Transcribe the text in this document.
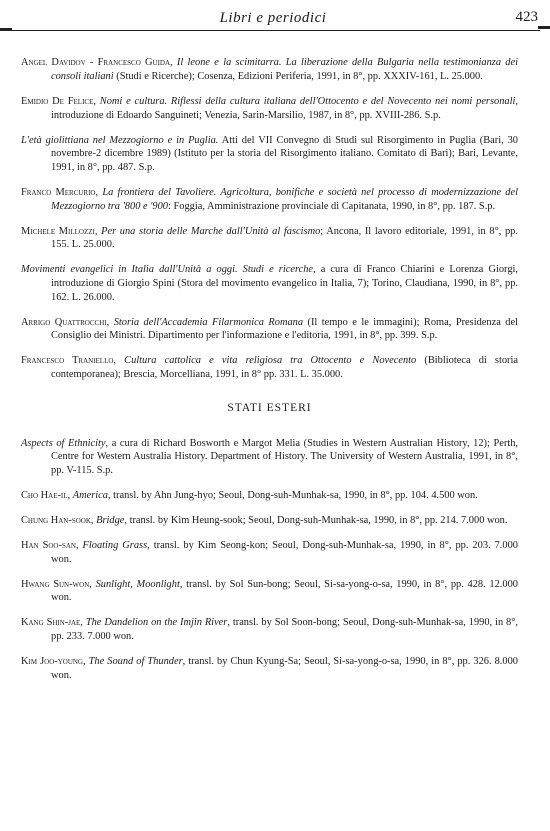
Libri e periodici	423

Angel Davidov - Francesco Guida, Il leone e la scimitarra. La liberazione della Bulgaria nella testimonianza dei consoli italiani (Studi e Ricerche); Cosenza, Edizioni Periferia, 1991, in 8°, pp. XXXIV-161, L. 25.000.

Emidio De Felice, Nomi e cultura. Riflessi della cultura italiana dell'Ottocento e del Novecento nei nomi personali, introduzione di Edoardo Sanguineti; Venezia, Sarin-Marsilio, 1987, in 8°, pp. XVIII-286. S.p.

L'età giolittiana nel Mezzogiorno e in Puglia. Atti del VII Convegno di Studi sul Risorgimento in Puglia (Bari, 30 novembre-2 dicembre 1989) (Istituto per la storia del Risorgimento italiano. Comitato di Bari); Bari, Levante, 1991, in 8°, pp. 487. S.p.

Franco Mercurio, La frontiera del Tavoliere. Agricoltura, bonifiche e società nel processo di modernizzazione del Mezzogiorno tra '800 e '900: Foggia, Amministrazione provinciale di Capitanata, 1990, in 8°, pp. 187. S.p.

Michele Millozzi, Per una storia delle Marche dall'Unità al fascismo; Ancona, Il lavoro editoriale, 1991, in 8°, pp. 155. L. 25.000.

Movimenti evangelici in Italia dall'Unità a oggi. Studi e ricerche, a cura di Franco Chiarini e Lorenza Giorgi, introduzione di Giorgio Spini (Stora del movimento evangelico in Italia, 7); Torino, Claudiana, 1990, in 8°, pp. 162. L. 26.000.

Arrigo Quattrocchi, Storia dell'Accademia Filarmonica Romana (Il tempo e le immagini); Roma, Presidenza del Consiglio dei Ministri. Dipartimento per l'informazione e l'editoria, 1991, in 8°, pp. 399. S.p.

Francesco Traniello, Cultura cattolica e vita religiosa tra Ottocento e Novecento (Biblioteca di storia contemporanea); Brescia, Morcelliana, 1991, in 8° pp. 331. L. 35.000.

STATI ESTERI

Aspects of Ethnicity, a cura di Richard Bosworth e Margot Melia (Studies in Western Australian History, 12); Perth, Centre for Western Australia History. Department of History. The University of Western Australia, 1991, in 8°, pp. V-115. S.p.

Cho Hae-il, America, transl. by Ahn Jung-hyo; Seoul, Dong-suh-Munhak-sa, 1990, in 8°, pp. 104. 4.500 won.

Chung Han-sook, Bridge, transl. by Kim Heung-sook; Seoul, Dong-suh-Munhak-sa, 1990, in 8°, pp. 214. 7.000 won.

Han Soo-san, Floating Grass, transl. by Kim Seong-kon; Seoul, Dong-suh-Munhak-sa, 1990, in 8°, pp. 203. 7.000 won.

Hwang Sun-won, Sunlight, Moonlight, transl. by Sol Sun-bong; Seoul, Si-sa-yong-o-sa, 1990, in 8°, pp. 428. 12.000 won.

Kang Shin-jae, The Dandelion on the Imjin River, transl. by Sol Soon-bong; Seoul, Dong-suh-Munhak-sa, 1990, in 8°, pp. 233. 7.000 won.

Kim Joo-young, The Sound of Thunder, transl. by Chun Kyung-Sa; Seoul, Si-sa-yong-o-sa, 1990, in 8°, pp. 326. 8.000 won.
